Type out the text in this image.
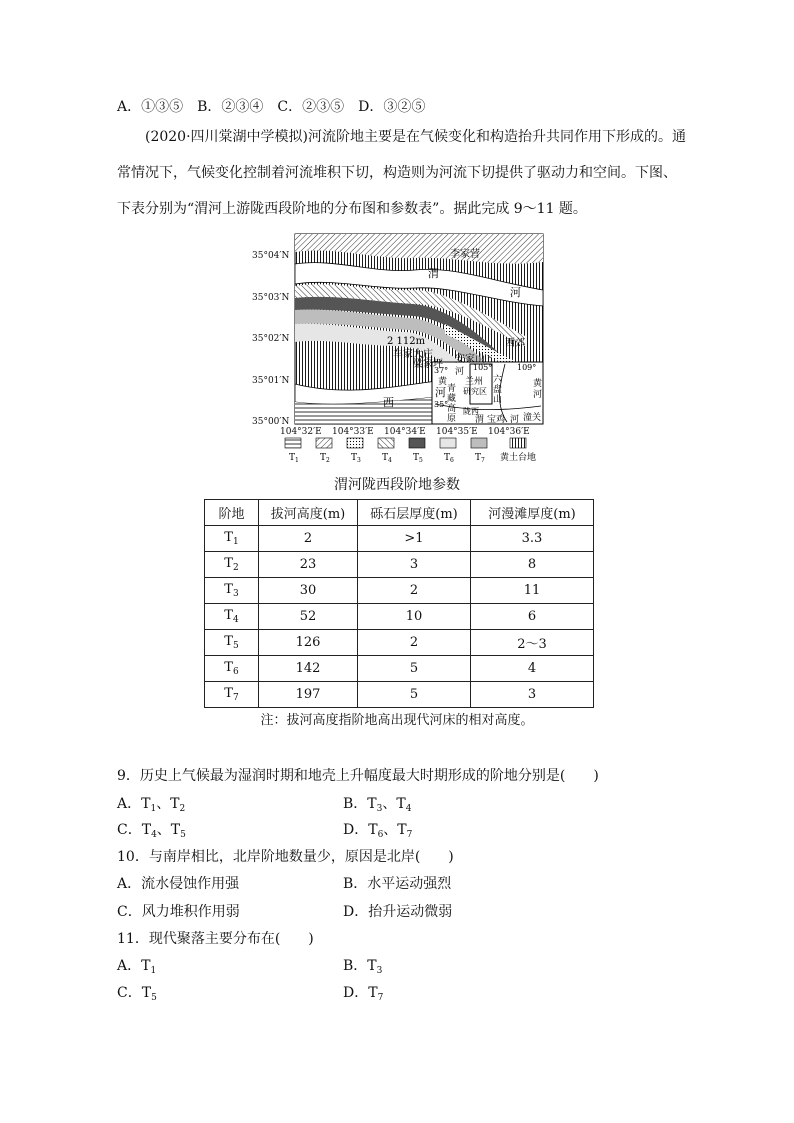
A．①③⑤　B．②③④　C．②③⑤　D．③②⑤
(2020·四川棠湖中学模拟)河流阶地主要是在气候变化和构造抬升共同作用下形成的。通
常情况下，气候变化控制着河流堆积下切，构造则为河流下切提供了驱动力和空间。下图、
下表分别为“渭河上游陇西段阶地的分布图和参数表”。据此完成 9～11 题。
李家营
渭
河
西郊
2 112m
车家大庄
梁家坪 安家山
西
河
37°	105°	109°
35°
黄
河
兰州 六
研究区 盘
山
青
藏
高
原
陇西
渭 宝鸡 河 潼关
黄
河
35°04′N
35°03′N
35°02′N
35°01′N
35°00′N
104°32′E 104°33′E 104°34′E 104°35′E 104°36′E
$T_1$ $T_2$ $T_3$ $T_4$ $T_5$ $T_6$ $T_7$ 黄土台地
渭河陇西段阶地参数
阶地	拔河高度(m)	砾石层厚度(m)	河漫滩厚度(m)
$T_1$	2	>1	3.3
$T_2$	23	3	8
$T_3$	30	2	11
$T_4$	52	10	6
$T_5$	126	2	2～3
$T_6$	142	5	4
$T_7$	197	5	3
注：拔河高度指阶地高出现代河床的相对高度。
9．历史上气候最为湿润时期和地壳上升幅度最大时期形成的阶地分别是(　　)
A．$T_1$、$T_2$	B．$T_3$、$T_4$
C．$T_4$、$T_5$	D．$T_6$、$T_7$
10．与南岸相比，北岸阶地数量少，原因是北岸(　　)
A．流水侵蚀作用强	B．水平运动强烈
C．风力堆积作用弱	D．抬升运动微弱
11．现代聚落主要分布在(　　)
A．$T_1$	B．$T_3$
C．$T_5$	D．$T_7$
